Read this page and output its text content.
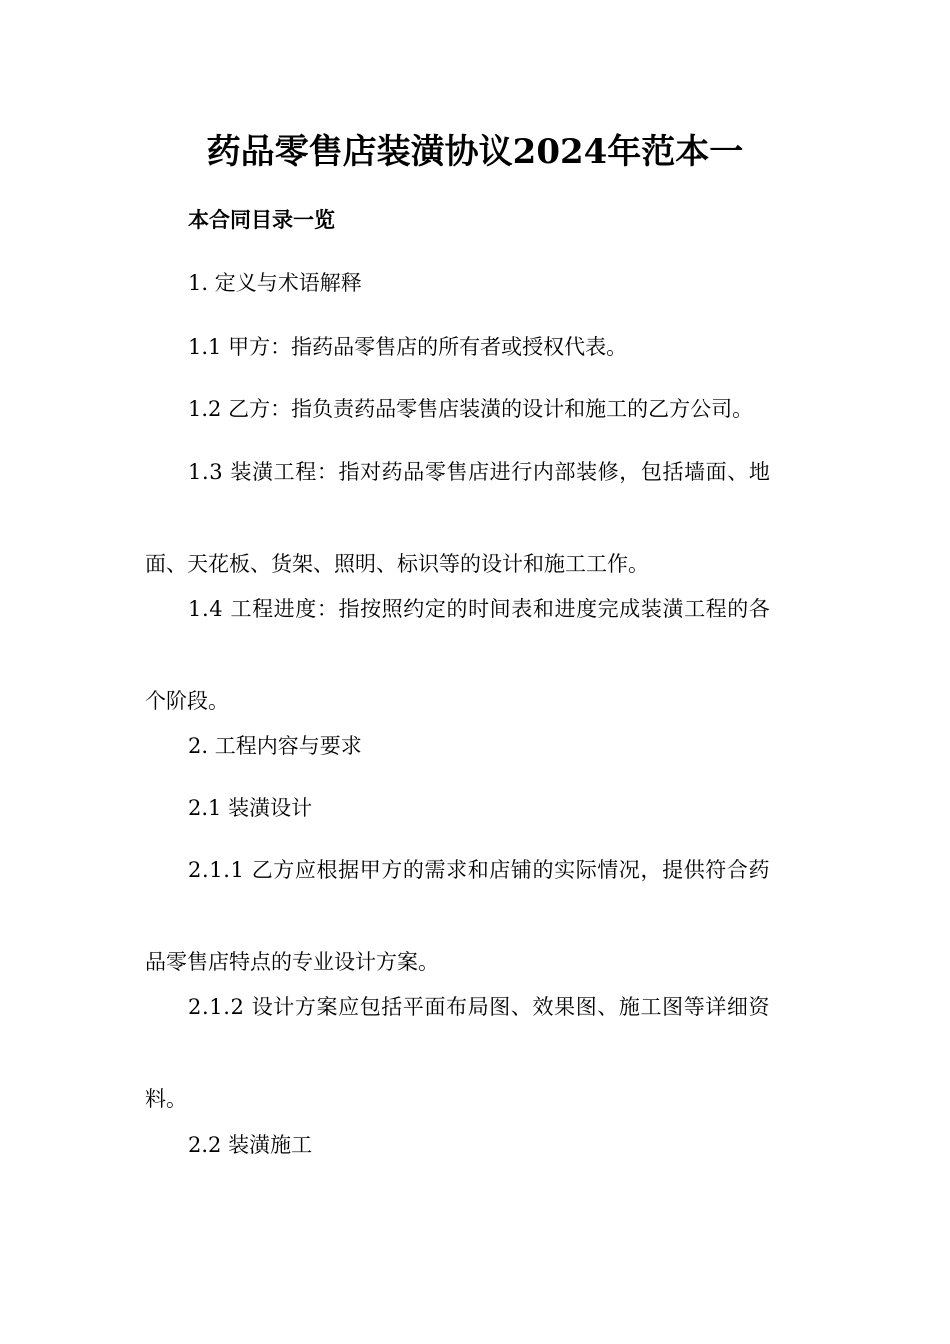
药品零售店装潢协议2024年范本一

本合同目录一览

1. 定义与术语解释

1.1 甲方：指药品零售店的所有者或授权代表。

1.2 乙方：指负责药品零售店装潢的设计和施工的乙方公司。

1.3 装潢工程：指对药品零售店进行内部装修，包括墙面、地
面、天花板、货架、照明、标识等的设计和施工工作。
1.4 工程进度：指按照约定的时间表和进度完成装潢工程的各
个阶段。

2. 工程内容与要求

2.1 装潢设计

2.1.1 乙方应根据甲方的需求和店铺的实际情况，提供符合药
品零售店特点的专业设计方案。
2.1.2 设计方案应包括平面布局图、效果图、施工图等详细资
料。

2.2 装潢施工
